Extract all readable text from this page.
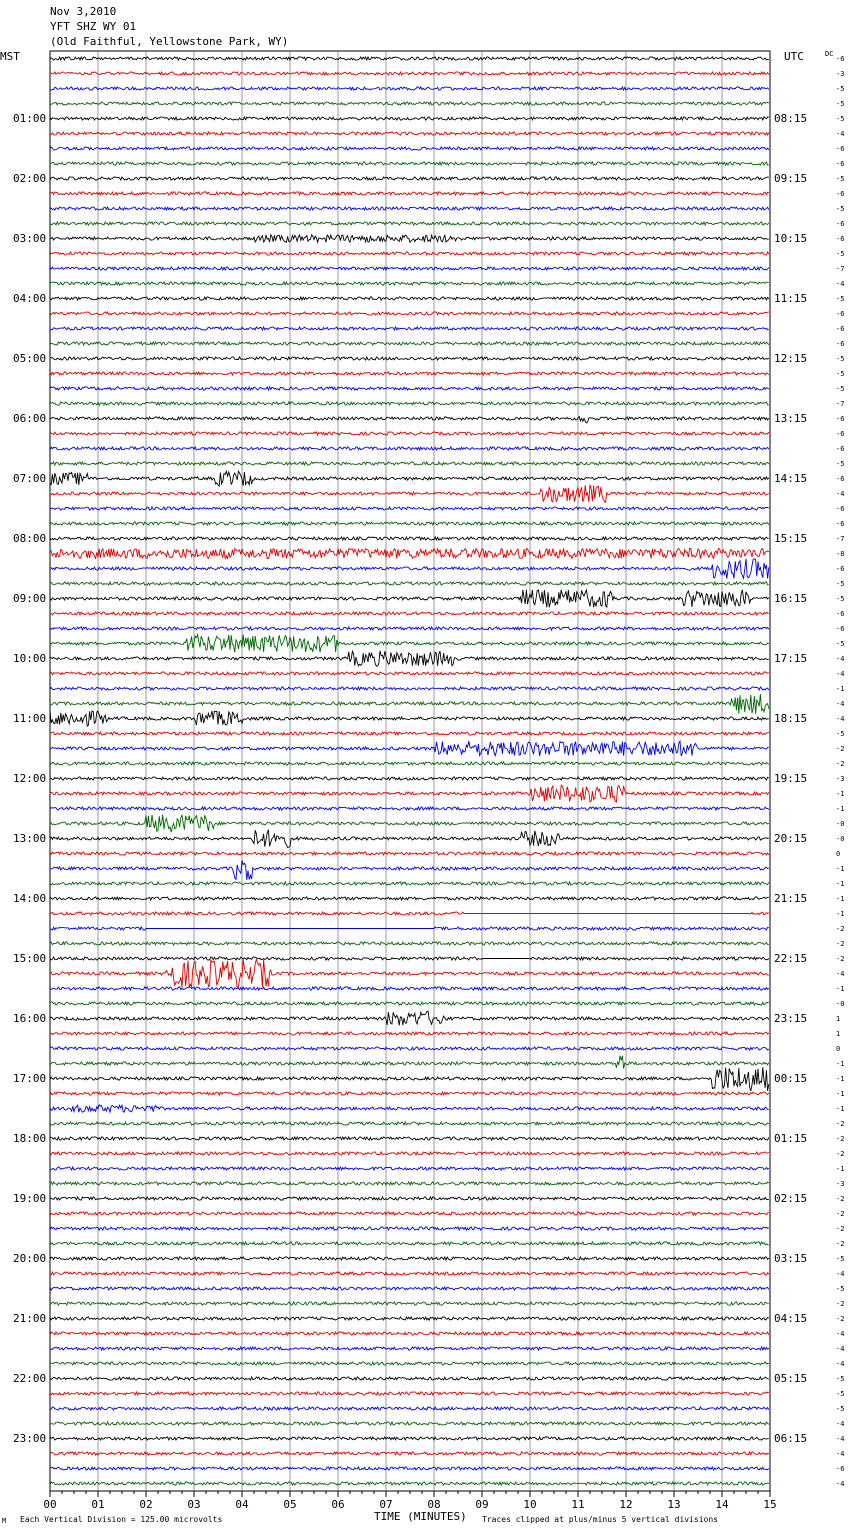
Nov 3,2010
YFT SHZ WY 01
(Old Faithful, Yellowstone Park, WY)
MST	UTC	DC
00	01	02	03	04	05	06	07	08	09	10	11	12	13	14	15
01:00	08:15
02:00	09:15
03:00	10:15
04:00	11:15
05:00	12:15
06:00	13:15
07:00	14:15
08:00	15:15
09:00	16:15
10:00	17:15
11:00	18:15
12:00	19:15
13:00	20:15
14:00	21:15
15:00	22:15
16:00	23:15
17:00	00:15
18:00	01:15
19:00	02:15
20:00	03:15
21:00	04:15
22:00	05:15
23:00	06:15
-6
-3
-5
-5
-5
-4
-6
-6
-5
-6
-5
-6
-6
-5
-7
-4
-5
-6
-6
-6
-5
-5
-5
-7
-6
-6
-6
-5
-6
-4
-6
-6
-7
-8
-6
-5
-5
-6
-6
-5
-4
-4
-1
-4
-4
-5
-2
-2
-3
-1
-1
-0
-0
0
-1
-1
-1
-1
-2
-2
-2
-4
-1
-0
1
1
0
-1
-1
-1
-1
-2
-2
-2
-1
-3
-2
-2
-2
-2
-5
-4
-5
-2
-2
-4
-4
-4
-5
-5
-5
-4
-4
-4
-6
-4
M Each Vertical Division = 125.00 microvolts	TIME (MINUTES) Traces clipped at plus/minus 5 vertical divisions
